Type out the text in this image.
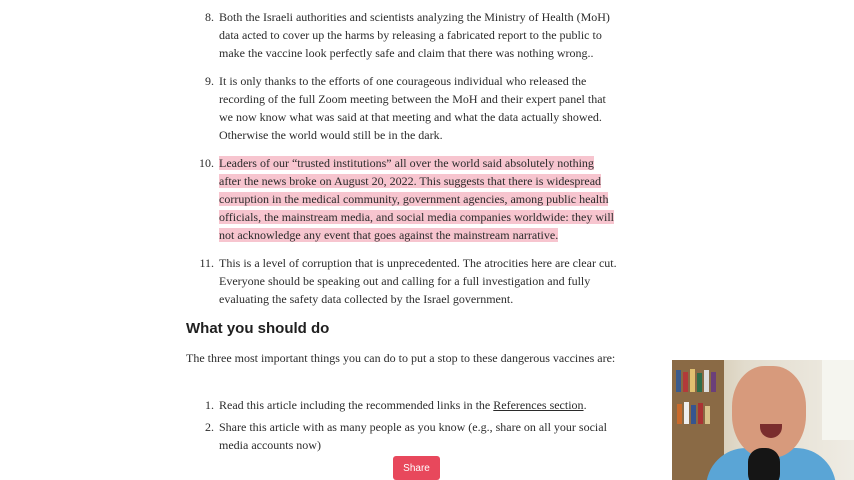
8. Both the Israeli authorities and scientists analyzing the Ministry of Health (MoH) data acted to cover up the harms by releasing a fabricated report to the public to make the vaccine look perfectly safe and claim that there was nothing wrong..
9. It is only thanks to the efforts of one courageous individual who released the recording of the full Zoom meeting between the MoH and their expert panel that we now know what was said at that meeting and what the data actually showed. Otherwise the world would still be in the dark.
10. Leaders of our “trusted institutions” all over the world said absolutely nothing after the news broke on August 20, 2022. This suggests that there is widespread corruption in the medical community, government agencies, among public health officials, the mainstream media, and social media companies worldwide: they will not acknowledge any event that goes against the mainstream narrative.
11. This is a level of corruption that is unprecedented. The atrocities here are clear cut. Everyone should be speaking out and calling for a full investigation and fully evaluating the safety data collected by the Israel government.
What you should do

The three most important things you can do to put a stop to these dangerous vaccines are:

1. Read this article including the recommended links in the References section.
2. Share this article with as many people as you know (e.g., share on all your social media accounts now)
Share
